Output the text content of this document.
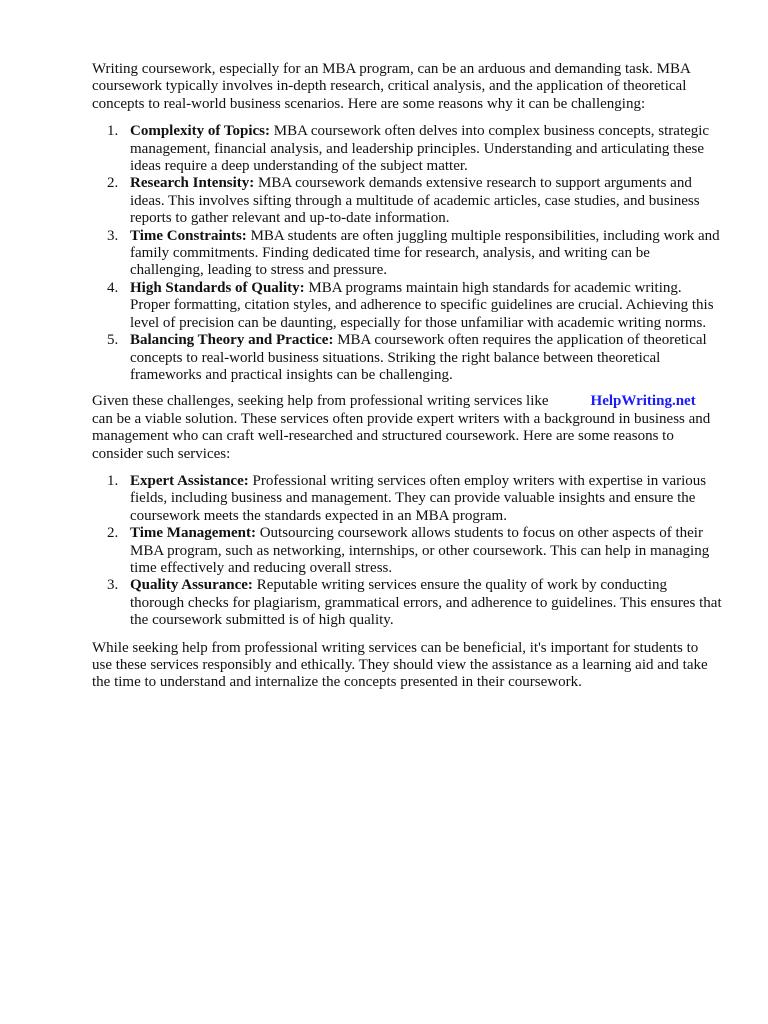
Writing coursework, especially for an MBA program, can be an arduous and demanding task. MBA coursework typically involves in-depth research, critical analysis, and the application of theoretical concepts to real-world business scenarios. Here are some reasons why it can be challenging:

1. Complexity of Topics: MBA coursework often delves into complex business concepts, strategic management, financial analysis, and leadership principles. Understanding and articulating these ideas require a deep understanding of the subject matter.
2. Research Intensity: MBA coursework demands extensive research to support arguments and ideas. This involves sifting through a multitude of academic articles, case studies, and business reports to gather relevant and up-to-date information.
3. Time Constraints: MBA students are often juggling multiple responsibilities, including work and family commitments. Finding dedicated time for research, analysis, and writing can be challenging, leading to stress and pressure.
4. High Standards of Quality: MBA programs maintain high standards for academic writing. Proper formatting, citation styles, and adherence to specific guidelines are crucial. Achieving this level of precision can be daunting, especially for those unfamiliar with academic writing norms.
5. Balancing Theory and Practice: MBA coursework often requires the application of theoretical concepts to real-world business situations. Striking the right balance between theoretical frameworks and practical insights can be challenging.

Given these challenges, seeking help from professional writing services like	HelpWriting.net
can be a viable solution. These services often provide expert writers with a background in business and management who can craft well-researched and structured coursework. Here are some reasons to consider such services:

1. Expert Assistance: Professional writing services often employ writers with expertise in various fields, including business and management. They can provide valuable insights and ensure the coursework meets the standards expected in an MBA program.
2. Time Management: Outsourcing coursework allows students to focus on other aspects of their MBA program, such as networking, internships, or other coursework. This can help in managing time effectively and reducing overall stress.
3. Quality Assurance: Reputable writing services ensure the quality of work by conducting thorough checks for plagiarism, grammatical errors, and adherence to guidelines. This ensures that the coursework submitted is of high quality.

While seeking help from professional writing services can be beneficial, it's important for students to use these services responsibly and ethically. They should view the assistance as a learning aid and take the time to understand and internalize the concepts presented in their coursework.
